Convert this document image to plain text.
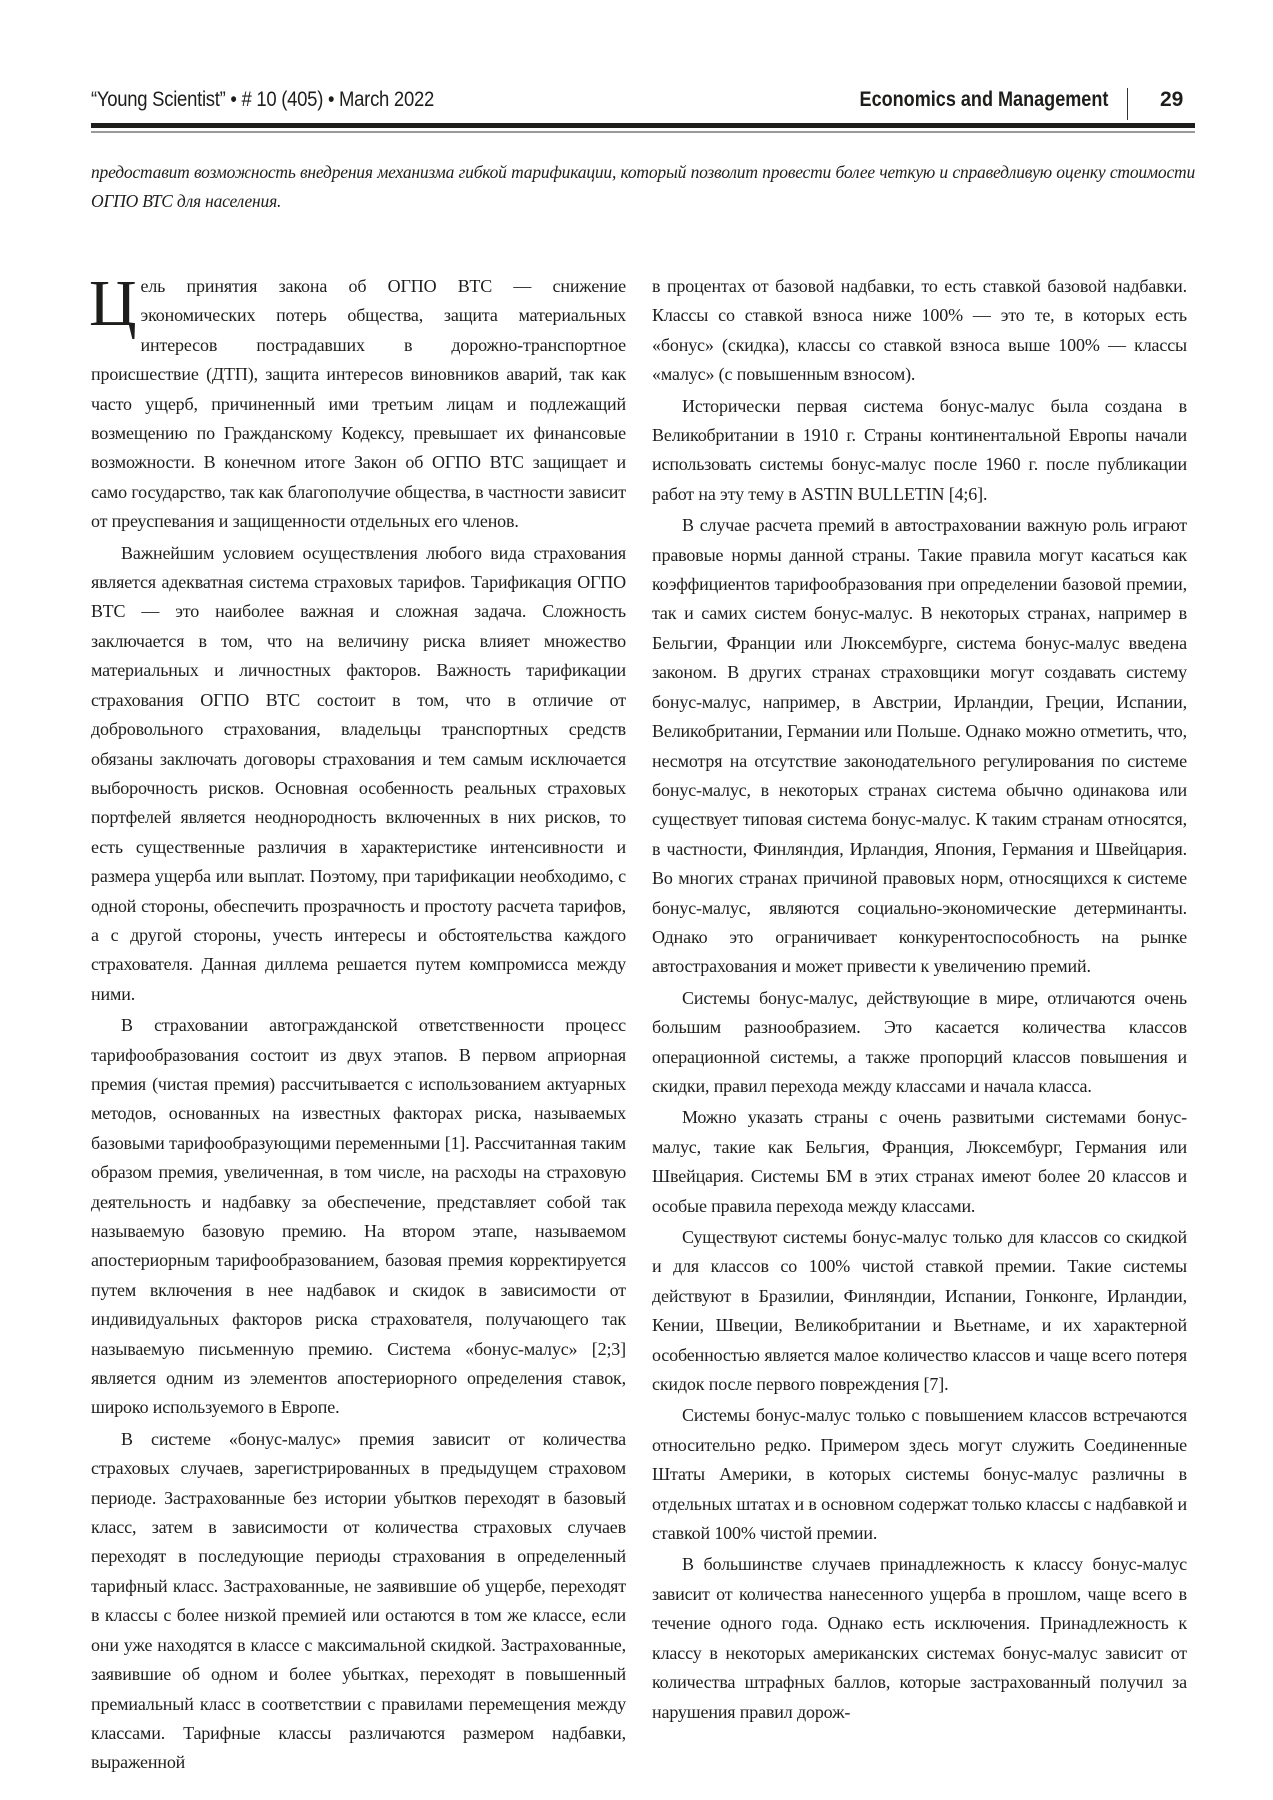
“Young Scientist” • # 10 (405) • March 2022	Economics and Management 29
предоставит возможность внедрения механизма гибкой тарификации, который позволит провести более четкую и справедливую оценку стоимости ОГПО ВТС для населения.

Цель принятия закона об ОГПО ВТС — снижение экономических потерь общества, защита материальных интересов пострадавших в дорожно-транспортное происшествие (ДТП), защита интересов виновников аварий, так как часто ущерб, причиненный ими третьим лицам и подлежащий возмещению по Гражданскому Кодексу, превышает их финансовые возможности. В конечном итоге Закон об ОГПО ВТС защищает и само государство, так как благополучие общества, в частности зависит от преуспевания и защищенности отдельных его членов.

Важнейшим условием осуществления любого вида страхования является адекватная система страховых тарифов. Тарификация ОГПО ВТС — это наиболее важная и сложная задача. Сложность заключается в том, что на величину риска влияет множество материальных и личностных факторов. Важность тарификации страхования ОГПО ВТС состоит в том, что в отличие от добровольного страхования, владельцы транспортных средств обязаны заключать договоры страхования и тем самым исключается выборочность рисков. Основная особенность реальных страховых портфелей является неоднородность включенных в них рисков, то есть существенные различия в характеристике интенсивности и размера ущерба или выплат. Поэтому, при тарификации необходимо, с одной стороны, обеспечить прозрачность и простоту расчета тарифов, а с другой стороны, учесть интересы и обстоятельства каждого страхователя. Данная диллема решается путем компромисса между ними.

В страховании автогражданской ответственности процесс тарифообразования состоит из двух этапов. В первом априорная премия (чистая премия) рассчитывается с использованием актуарных методов, основанных на известных факторах риска, называемых базовыми тарифообразующими переменными [1]. Рассчитанная таким образом премия, увеличенная, в том числе, на расходы на страховую деятельность и надбавку за обеспечение, представляет собой так называемую базовую премию. На втором этапе, называемом апостериорным тарифообразованием, базовая премия корректируется путем включения в нее надбавок и скидок в зависимости от индивидуальных факторов риска страхователя, получающего так называемую письменную премию. Система «бонус-малус» [2;3] является одним из элементов апостериорного определения ставок, широко используемого в Европе.

В системе «бонус-малус» премия зависит от количества страховых случаев, зарегистрированных в предыдущем страховом периоде. Застрахованные без истории убытков переходят в базовый класс, затем в зависимости от количества страховых случаев переходят в последующие периоды страхования в определенный тарифный класс. Застрахованные, не заявившие об ущербе, переходят в классы с более низкой премией или остаются в том же классе, если они уже находятся в классе с максимальной скидкой. Застрахованные, заявившие об одном и более убытках, переходят в повышенный премиальный класс в соответствии с правилами перемещения между классами. Тарифные классы различаются размером надбавки, выраженной

в процентах от базовой надбавки, то есть ставкой базовой надбавки. Классы со ставкой взноса ниже 100% — это те, в которых есть «бонус» (скидка), классы со ставкой взноса выше 100% — классы «малус» (с повышенным взносом).

Исторически первая система бонус-малус была создана в Великобритании в 1910 г. Страны континентальной Европы начали использовать системы бонус-малус после 1960 г. после публикации работ на эту тему в ASTIN BULLETIN [4;6].

В случае расчета премий в автостраховании важную роль играют правовые нормы данной страны. Такие правила могут касаться как коэффициентов тарифообразования при определении базовой премии, так и самих систем бонус-малус. В некоторых странах, например в Бельгии, Франции или Люксембурге, система бонус-малус введена законом. В других странах страховщики могут создавать систему бонус-малус, например, в Австрии, Ирландии, Греции, Испании, Великобритании, Германии или Польше. Однако можно отметить, что, несмотря на отсутствие законодательного регулирования по системе бонус-малус, в некоторых странах система обычно одинакова или существует типовая система бонус-малус. К таким странам относятся, в частности, Финляндия, Ирландия, Япония, Германия и Швейцария. Во многих странах причиной правовых норм, относящихся к системе бонус-малус, являются социально-экономические детерминанты. Однако это ограничивает конкурентоспособность на рынке автострахования и может привести к увеличению премий.

Системы бонус-малус, действующие в мире, отличаются очень большим разнообразием. Это касается количества классов операционной системы, а также пропорций классов повышения и скидки, правил перехода между классами и начала класса.

Можно указать страны с очень развитыми системами бонус-малус, такие как Бельгия, Франция, Люксембург, Германия или Швейцария. Системы БМ в этих странах имеют более 20 классов и особые правила перехода между классами.

Существуют системы бонус-малус только для классов со скидкой и для классов со 100% чистой ставкой премии. Такие системы действуют в Бразилии, Финляндии, Испании, Гонконге, Ирландии, Кении, Швеции, Великобритании и Вьетнаме, и их характерной особенностью является малое количество классов и чаще всего потеря скидок после первого повреждения [7].

Системы бонус-малус только с повышением классов встречаются относительно редко. Примером здесь могут служить Соединенные Штаты Америки, в которых системы бонус-малус различны в отдельных штатах и в основном содержат только классы с надбавкой и ставкой 100% чистой премии.

В большинстве случаев принадлежность к классу бонус-малус зависит от количества нанесенного ущерба в прошлом, чаще всего в течение одного года. Однако есть исключения. Принадлежность к классу в некоторых американских системах бонус-малус зависит от количества штрафных баллов, которые застрахованный получил за нарушения правил дорож-
